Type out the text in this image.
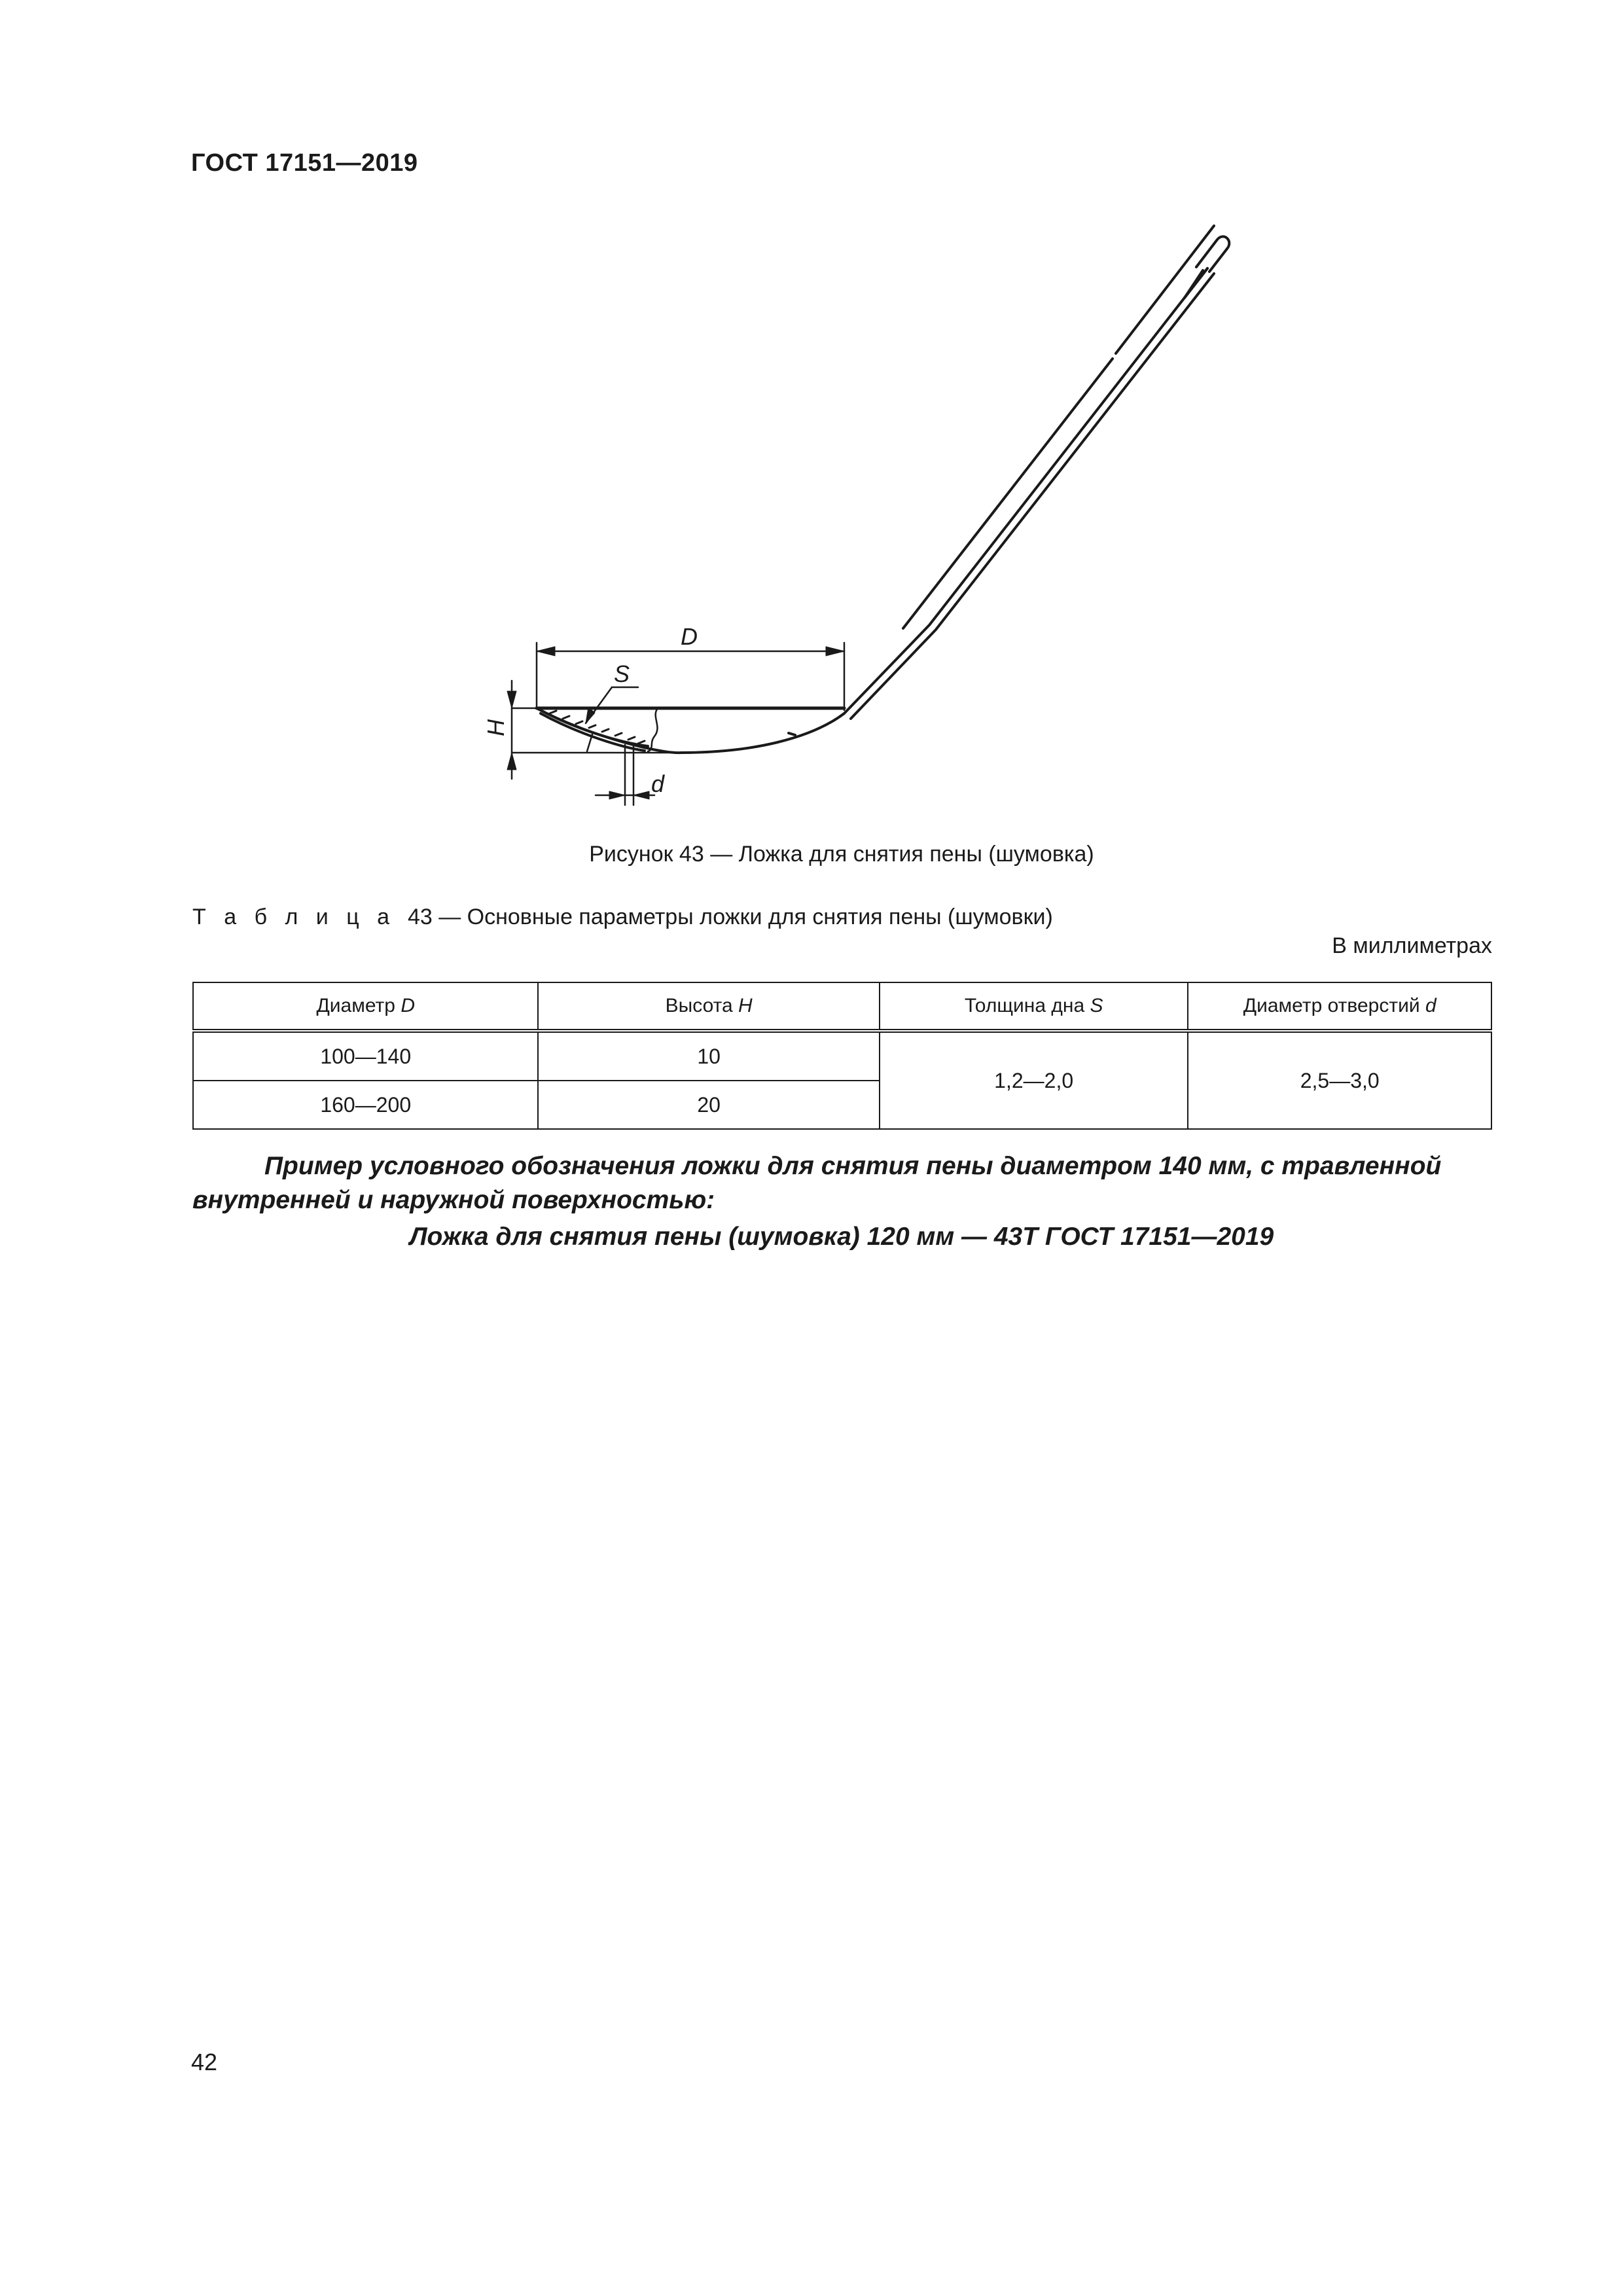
ГОСТ 17151—2019
D
S
H
d
Рисунок 43 — Ложка для снятия пены (шумовка)
Т а б л и ц а 43 — Основные параметры ложки для снятия пены (шумовки)
В миллиметрах
Диаметр D	Высота H	Толщина дна S	Диаметр отверстий d
100—140	10	1,2—2,0	2,5—3,0
160—200	20		
Пример условного обозначения ложки для снятия пены диаметром 140 мм, с травленной внутренней и наружной поверхностью:
Ложка для снятия пены (шумовка) 120 мм — 43Т ГОСТ 17151—2019
42
